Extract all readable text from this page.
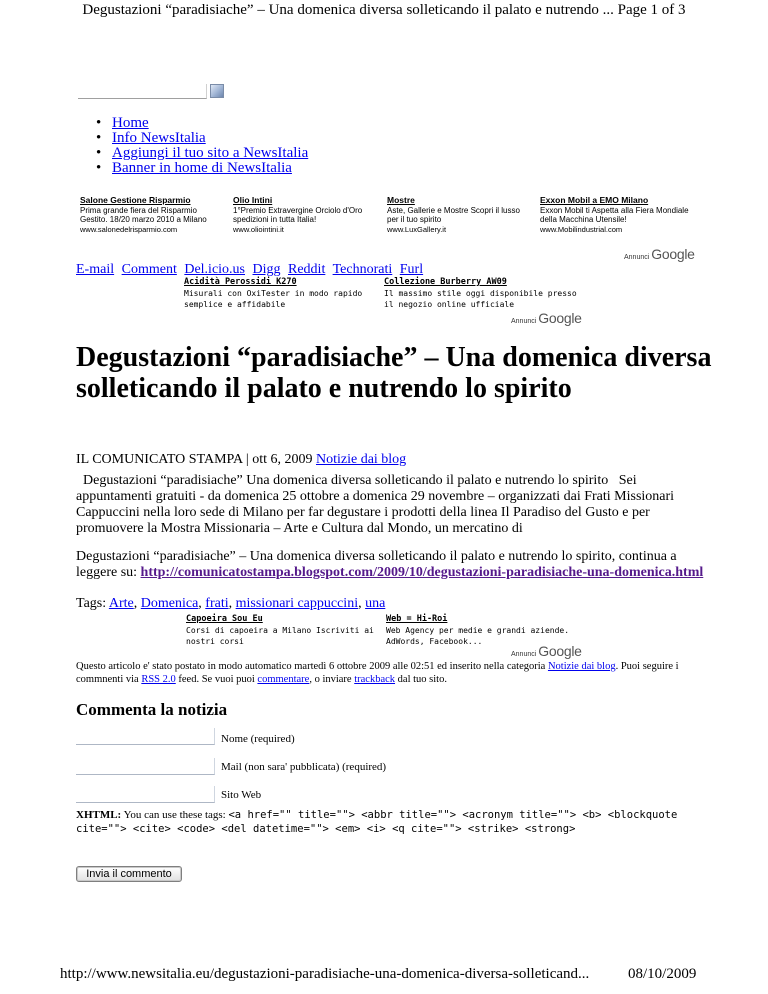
Degustazioni “paradisiache” – Una domenica diversa solleticando il palato e nutrendo ... Page 1 of 3
• Home
• Info NewsItalia
• Aggiungi il tuo sito a NewsItalia
• Banner in home di NewsItalia
Salone Gestione Risparmio
Prima grande fiera del Risparmio Gestito. 18/20 marzo 2010 a Milano
www.salonedelrisparmio.com
Olio Intini
1°Premio Extravergine Orciolo d'Oro spedizioni in tutta Italia!
www.oliointini.it
Mostre
Aste, Gallerie e Mostre Scopri il lusso per il tuo spirito
www.LuxGallery.it
Exxon Mobil a EMO Milano
Exxon Mobil ti Aspetta alla Fiera Mondiale della Macchina Utensile!
www.Mobilindustrial.com
Annunci Google
E-mail Comment Del.icio.us Digg Reddit Technorati Furl
Acidità Perossidi K270
Misurali con OxiTester in modo rapido semplice e affidabile
Collezione Burberry AW09
Il massimo stile oggi disponibile presso il negozio online ufficiale
Annunci Google
Degustazioni “paradisiache” – Una domenica diversa solleticando il palato e nutrendo lo spirito
IL COMUNICATO STAMPA | ott 6, 2009 Notizie dai blog
Degustazioni “paradisiache” Una domenica diversa solleticando il palato e nutrendo lo spirito   Sei appuntamenti gratuiti - da domenica 25 ottobre a domenica 29 novembre – organizzati dai Frati Missionari Cappuccini nella loro sede di Milano per far degustare i prodotti della linea Il Paradiso del Gusto e per promuovere la Mostra Missionaria – Arte e Cultura dal Mondo, un mercatino di
Degustazioni “paradisiache” – Una domenica diversa solleticando il palato e nutrendo lo spirito, continua a leggere su: http://comunicatostampa.blogspot.com/2009/10/degustazioni-paradisiache-una-domenica.html
Tags: Arte, Domenica, frati, missionari cappuccini, una
Capoeira Sou Eu
Corsi di capoeira a Milano Iscriviti ai nostri corsi
Web = Hi-Roi
Web Agency per medie e grandi aziende. AdWords, Facebook...
Annunci Google
Questo articolo e' stato postato in modo automatico martedì 6 ottobre 2009 alle 02:51 ed inserito nella categoria Notizie dai blog. Puoi seguire i commnenti via RSS 2.0 feed. Se vuoi puoi commentare, o inviare trackback dal tuo sito.
Commenta la notizia
Nome (required)
Mail (non sara' pubblicata) (required)
Sito Web
XHTML: You can use these tags: <a href="" title=""> <abbr title=""> <acronym title=""> <b> <blockquote cite=""> <cite> <code> <del datetime=""> <em> <i> <q cite=""> <strike> <strong>
Invia il commento
http://www.newsitalia.eu/degustazioni-paradisiache-una-domenica-diversa-solleticand...	08/10/2009
